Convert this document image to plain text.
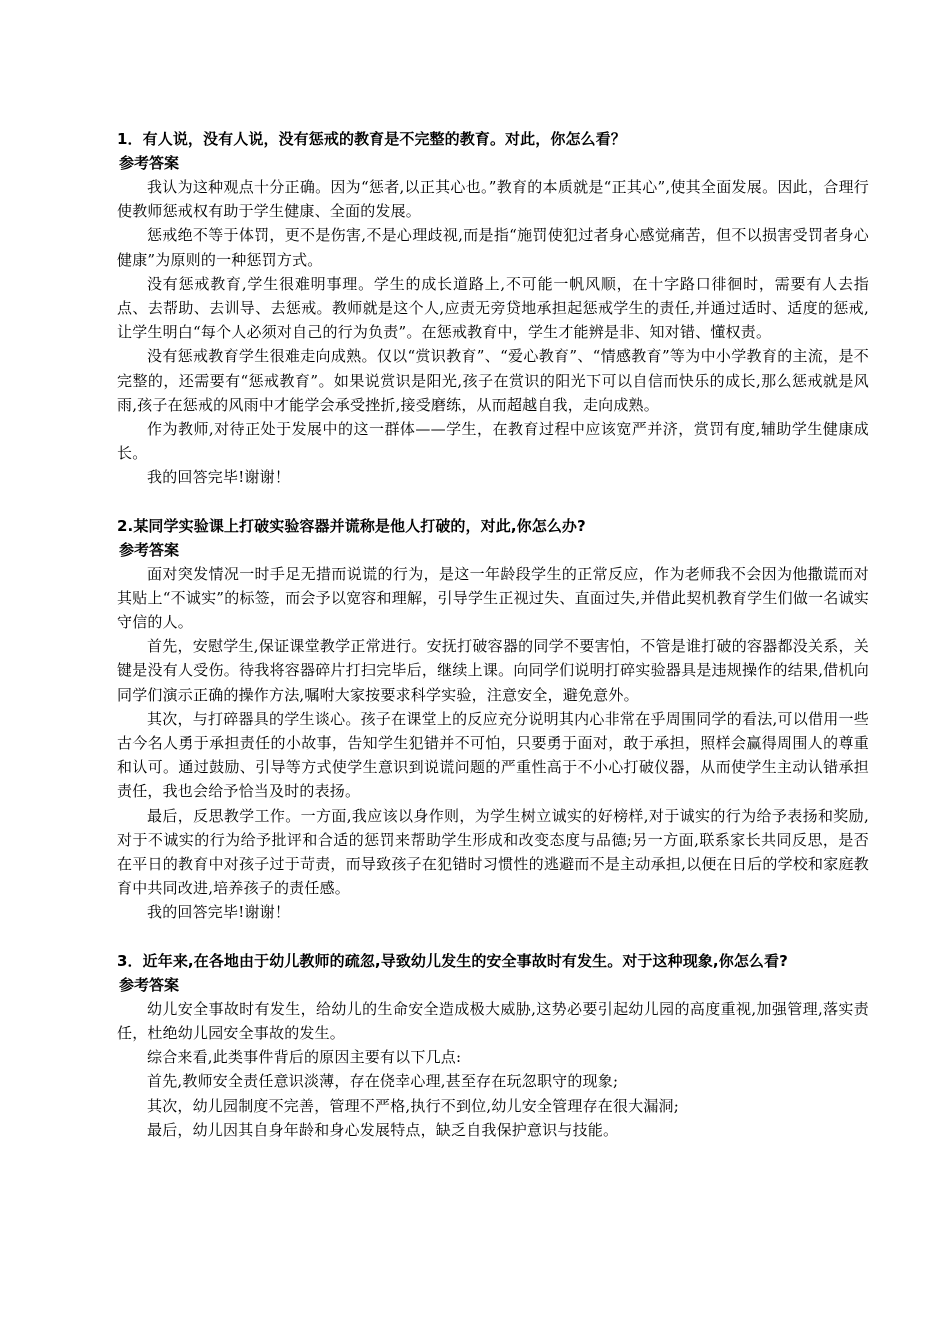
1．有人说，没有人说，没有惩戒的教育是不完整的教育。对此，你怎么看？

参考答案

我认为这种观点十分正确。因为“惩者,以正其心也。”教育的本质就是“正其心”,使其全面发展。因此，合理行使教师惩戒权有助于学生健康、全面的发展。

惩戒绝不等于体罚，更不是伤害,不是心理歧视,而是指“施罚使犯过者身心感觉痛苦，但不以损害受罚者身心健康”为原则的一种惩罚方式。

没有惩戒教育,学生很难明事理。学生的成长道路上,不可能一帆风顺，在十字路口徘徊时，需要有人去指点、去帮助、去训导、去惩戒。教师就是这个人,应责无旁贷地承担起惩戒学生的责任,并通过适时、适度的惩戒,让学生明白“每个人必须对自己的行为负责”。在惩戒教育中，学生才能辨是非、知对错、懂权责。

没有惩戒教育学生很难走向成熟。仅以“赏识教育”、“爱心教育”、“情感教育”等为中小学教育的主流，是不完整的，还需要有“惩戒教育”。如果说赏识是阳光,孩子在赏识的阳光下可以自信而快乐的成长,那么惩戒就是风雨,孩子在惩戒的风雨中才能学会承受挫折,接受磨练，从而超越自我，走向成熟。

作为教师,对待正处于发展中的这一群体——学生，在教育过程中应该宽严并济，赏罚有度,辅助学生健康成长。

我的回答完毕!谢谢！

2.某同学实验课上打破实验容器并谎称是他人打破的，对此,你怎么办?

参考答案

面对突发情况一时手足无措而说谎的行为，是这一年龄段学生的正常反应，作为老师我不会因为他撒谎而对其贴上“不诚实”的标签，而会予以宽容和理解，引导学生正视过失、直面过失,并借此契机教育学生们做一名诚实守信的人。

首先，安慰学生,保证课堂教学正常进行。安抚打破容器的同学不要害怕，不管是谁打破的容器都没关系，关键是没有人受伤。待我将容器碎片打扫完毕后，继续上课。向同学们说明打碎实验器具是违规操作的结果,借机向同学们演示正确的操作方法,嘱咐大家按要求科学实验，注意安全，避免意外。

其次，与打碎器具的学生谈心。孩子在课堂上的反应充分说明其内心非常在乎周围同学的看法,可以借用一些古今名人勇于承担责任的小故事，告知学生犯错并不可怕，只要勇于面对，敢于承担，照样会赢得周围人的尊重和认可。通过鼓励、引导等方式使学生意识到说谎问题的严重性高于不小心打破仪器，从而使学生主动认错承担责任，我也会给予恰当及时的表扬。

最后，反思教学工作。一方面,我应该以身作则，为学生树立诚实的好榜样,对于诚实的行为给予表扬和奖励,对于不诚实的行为给予批评和合适的惩罚来帮助学生形成和改变态度与品德;另一方面,联系家长共同反思，是否在平日的教育中对孩子过于苛责，而导致孩子在犯错时习惯性的逃避而不是主动承担,以便在日后的学校和家庭教育中共同改进,培养孩子的责任感。

我的回答完毕!谢谢！

3．近年来,在各地由于幼儿教师的疏忽,导致幼儿发生的安全事故时有发生。对于这种现象,你怎么看?

参考答案

幼儿安全事故时有发生，给幼儿的生命安全造成极大威胁,这势必要引起幼儿园的高度重视,加强管理,落实责任，杜绝幼儿园安全事故的发生。

综合来看,此类事件背后的原因主要有以下几点:

首先,教师安全责任意识淡薄，存在侥幸心理,甚至存在玩忽职守的现象;

其次，幼儿园制度不完善，管理不严格,执行不到位,幼儿安全管理存在很大漏洞;

最后，幼儿因其自身年龄和身心发展特点，缺乏自我保护意识与技能。
